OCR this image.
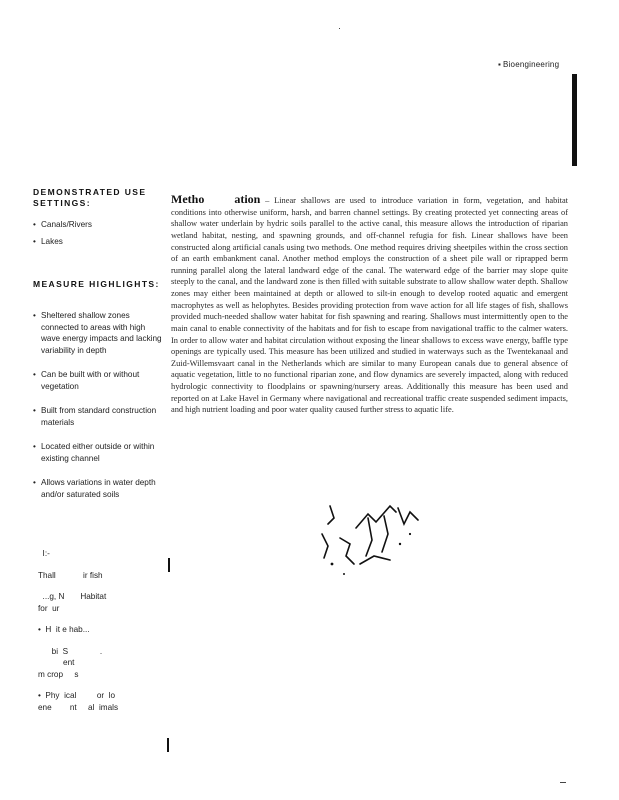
▪ Bioengineering
DEMONSTRATED USE SETTINGS:
• Canals/Rivers
• Lakes
MEASURE HIGHLIGHTS:
• Sheltered shallow zones connected to areas with high wave energy impacts and lacking variability in depth
• Can be built with or without vegetation
• Built from standard construction materials
• Located either outside or within existing channel
• Allows variations in water depth and/or saturated soils
Metho	ation – Linear shallows are used to introduce variation in form, vegetation, and habitat conditions into otherwise uniform, harsh, and barren channel settings. By creating protected yet connecting areas of shallow water underlain by hydric soils parallel to the active canal, this measure allows the introduction of riparian wetland habitat, nesting, and spawning grounds, and off-channel refugia for fish. Linear shallows have been constructed along artificial canals using two methods. One method requires driving sheetpiles within the cross section of an earth embankment canal. Another method employs the construction of a sheet pile wall or riprapped berm running parallel along the lateral landward edge of the canal. The waterward edge of the barrier may slope quite steeply to the canal, and the landward zone is then filled with suitable substrate to allow shallow water depth. Shallow zones may either been maintained at depth or allowed to silt-in enough to develop rooted aquatic and emergent macrophytes as well as helophytes. Besides providing protection from wave action for all life stages of fish, shallows provided much-needed shallow water habitat for fish spawning and rearing. Shallows must intermittently open to the main canal to enable connectivity of the habitats and for fish to escape from navigational traffic to the calmer waters. In order to allow water and habitat circulation without exposing the linear shallows to excess wave energy, baffle type openings are typically used. This measure has been utilized and studied in waterways such as the Twentekanaal and Zuid-Willemsvaart canal in the Netherlands which are similar to many European canals due to general absence of aquatic vegetation, little to no functional riparian zone, and flow dynamics are severely impacted, along with reduced hydrologic connectivity to floodplains or spawning/nursery areas. Additionally this measure has been used and reported on at Lake Havel in Germany where navigational and recreational traffic create suspended sediment impacts, and high nutrient loading and poor water quality caused further stress to aquatic life.

I:-

Thall            ir fish

...g, N       Habitat

for  ur

•  H  it e hab...

bi  S              .

ent

m crop     s

•  Phy  ical         or  lo

ene        nt     al  imals
